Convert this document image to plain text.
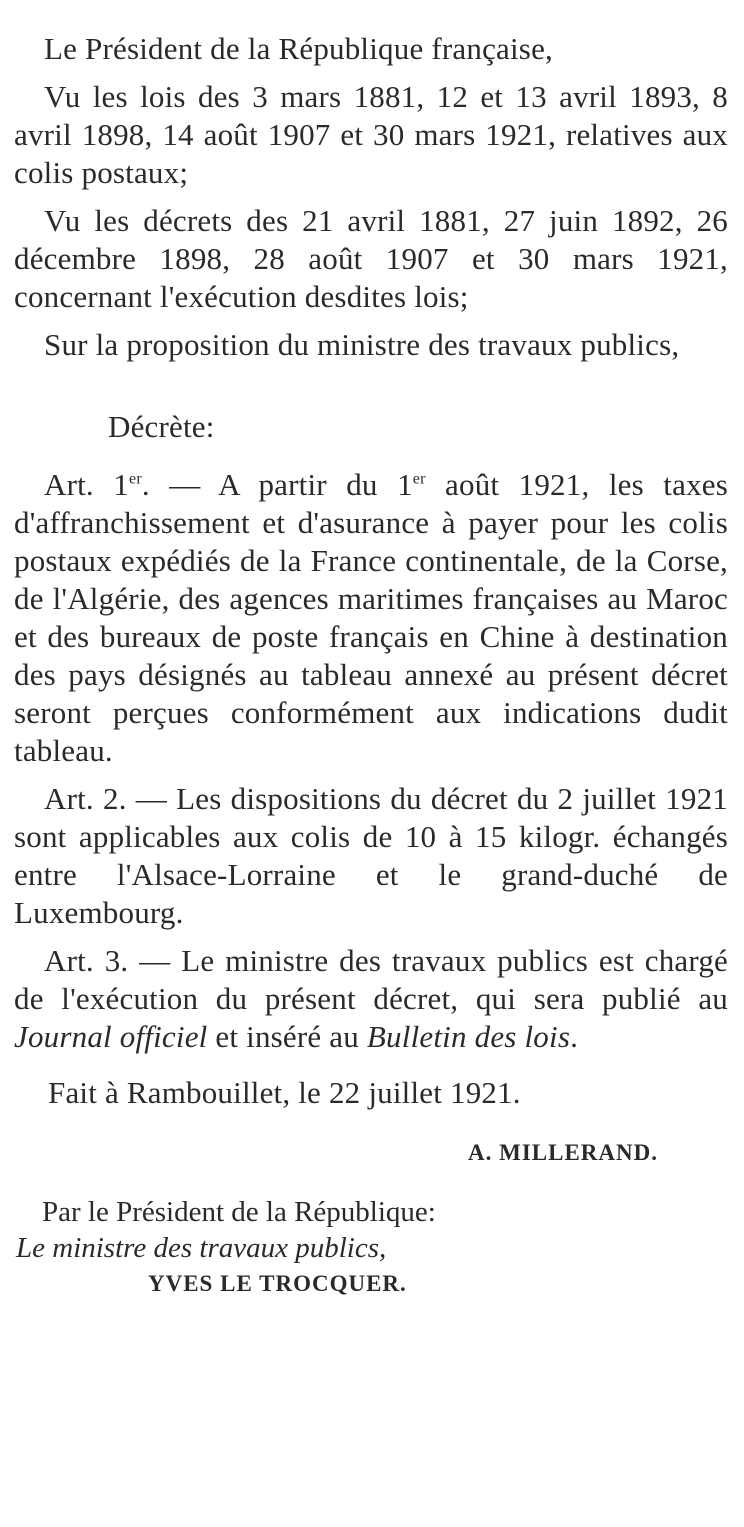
Le Président de la République française,

Vu les lois des 3 mars 1881, 12 et 13 avril 1893, 8 avril 1898, 14 août 1907 et 30 mars 1921, relatives aux colis postaux;

Vu les décrets des 21 avril 1881, 27 juin 1892, 26 décembre 1898, 28 août 1907 et 30 mars 1921, concernant l'exécution desdites lois;

Sur la proposition du ministre des travaux publics,

Décrète:

Art. 1er. — A partir du 1er août 1921, les taxes d'affranchissement et d'asurance à payer pour les colis postaux expédiés de la France continentale, de la Corse, de l'Algérie, des agences maritimes françaises au Maroc et des bureaux de poste français en Chine à destination des pays désignés au tableau annexé au présent décret seront perçues conformément aux indications dudit tableau.

Art. 2. — Les dispositions du décret du 2 juillet 1921 sont applicables aux colis de 10 à 15 kilogr. échangés entre l'Alsace-Lorraine et le grand-duché de Luxembourg.

Art. 3. — Le ministre des travaux publics est chargé de l'exécution du présent décret, qui sera publié au Journal officiel et inséré au Bulletin des lois.

Fait à Rambouillet, le 22 juillet 1921.

A. MILLERAND.

Par le Président de la République:
Le ministre des travaux publics,
YVES LE TROCQUER.
